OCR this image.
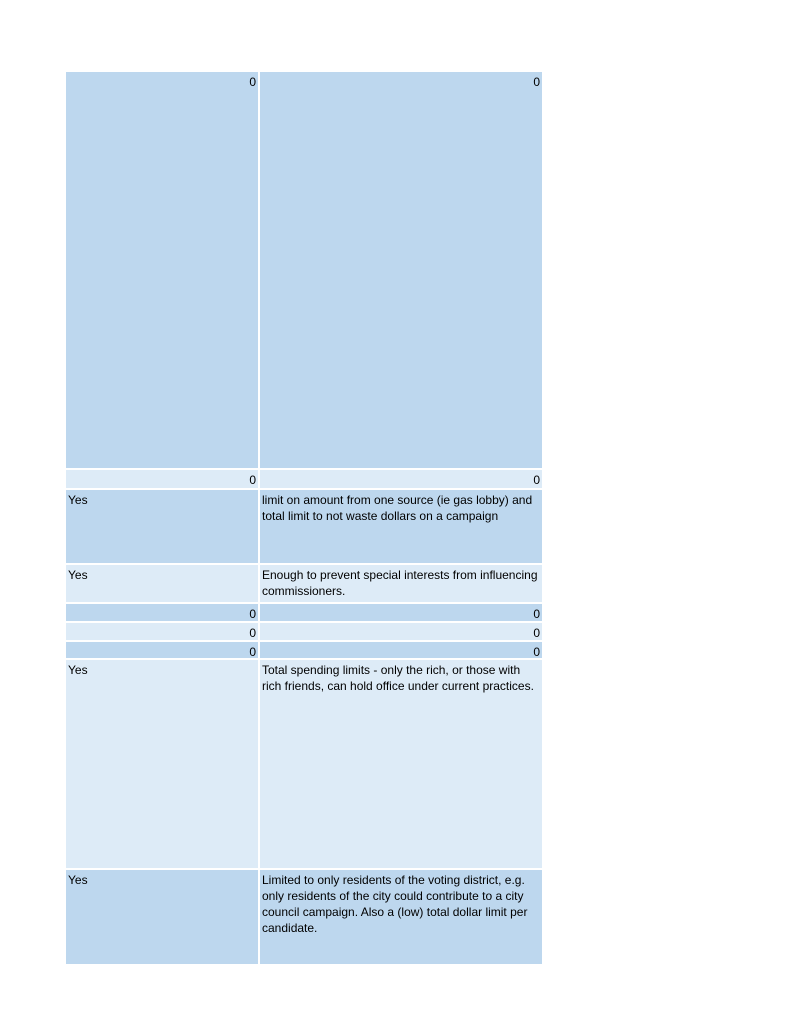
0	0
0	0
Yes	limit on amount from one source (ie gas lobby) and total limit to not waste dollars on a campaign
Yes	Enough to prevent special interests from influencing commissioners.
0	0
0	0
0	0
Yes	Total spending limits - only the rich, or those with rich friends, can hold office under current practices.
Yes	Limited to only residents of the voting district, e.g. only residents of the city could contribute to a city council campaign. Also a (low) total dollar limit per candidate.
